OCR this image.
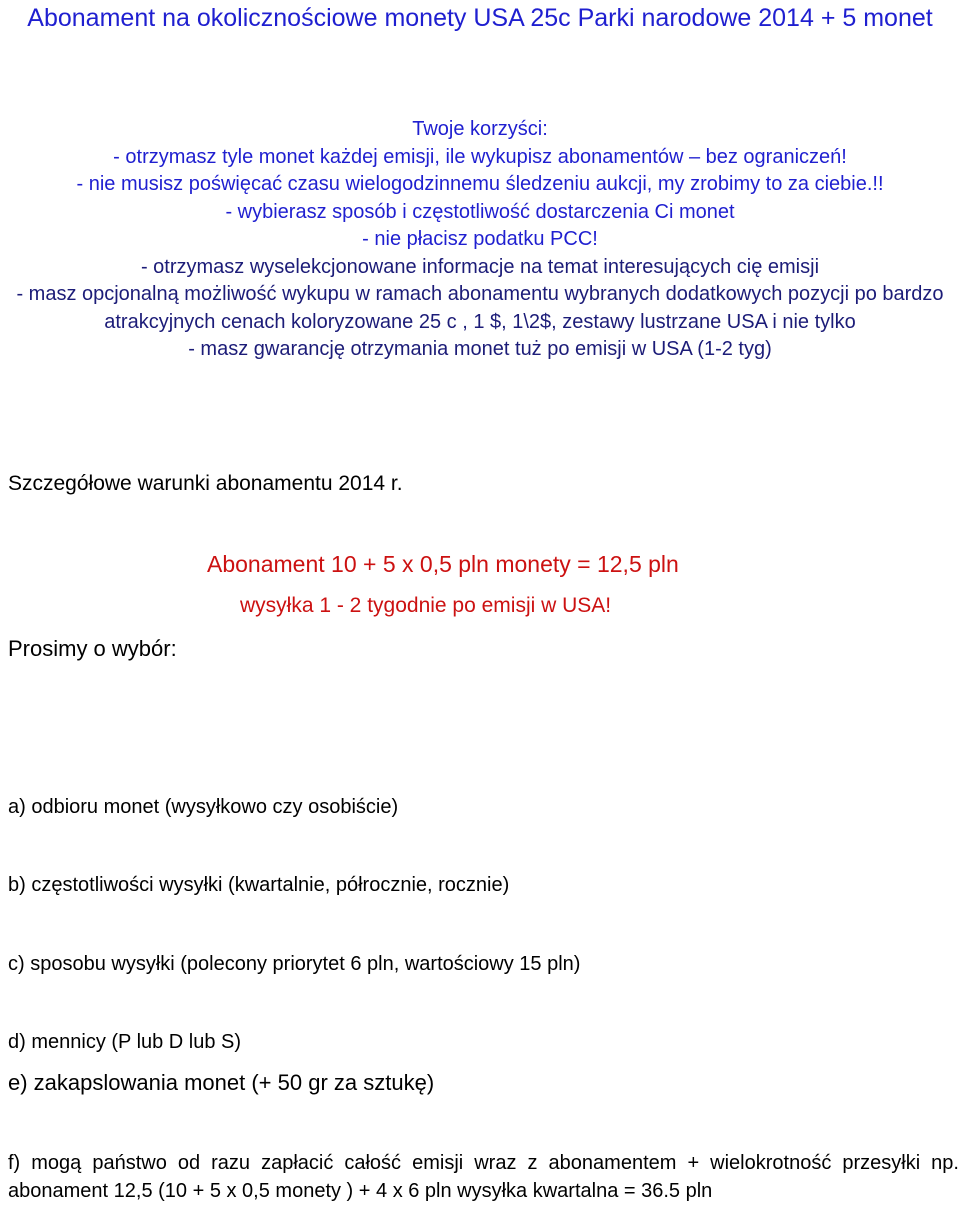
Abonament na okolicznościowe monety USA 25c Parki narodowe 2014 + 5 monet
Twoje korzyści:
- otrzymasz tyle monet każdej emisji, ile wykupisz abonamentów – bez ograniczeń!
- nie musisz poświęcać czasu wielogodzinnemu śledzeniu aukcji, my zrobimy to za ciebie.!!
- wybierasz sposób i częstotliwość dostarczenia Ci monet
- nie płacisz podatku PCC!
- otrzymasz wyselekcjonowane informacje na temat interesujących cię emisji
- masz opcjonalną możliwość wykupu w ramach abonamentu wybranych dodatkowych pozycji po bardzo atrakcyjnych cenach koloryzowane 25 c , 1 $, 1\2$, zestawy lustrzane USA i nie tylko
- masz gwarancję otrzymania monet tuż po emisji w USA (1-2 tyg)
Szczegółowe warunki abonamentu 2014 r.
Abonament 10 + 5 x 0,5 pln monety = 12,5 pln
wysyłka 1 - 2 tygodnie po emisji w USA!
Prosimy o wybór:
a) odbioru monet (wysyłkowo czy osobiście)
b) częstotliwości wysyłki (kwartalnie, półrocznie, rocznie)
c) sposobu wysyłki (polecony priorytet 6 pln, wartościowy 15 pln)
d) mennicy (P lub D lub S)
e) zakapslowania monet (+ 50 gr za sztukę)
f) mogą państwo od razu zapłacić całość emisji wraz z abonamentem + wielokrotność przesyłki np. abonament 12,5 (10 + 5 x 0,5 monety ) + 4 x 6 pln wysyłka kwartalna = 36.5 pln
